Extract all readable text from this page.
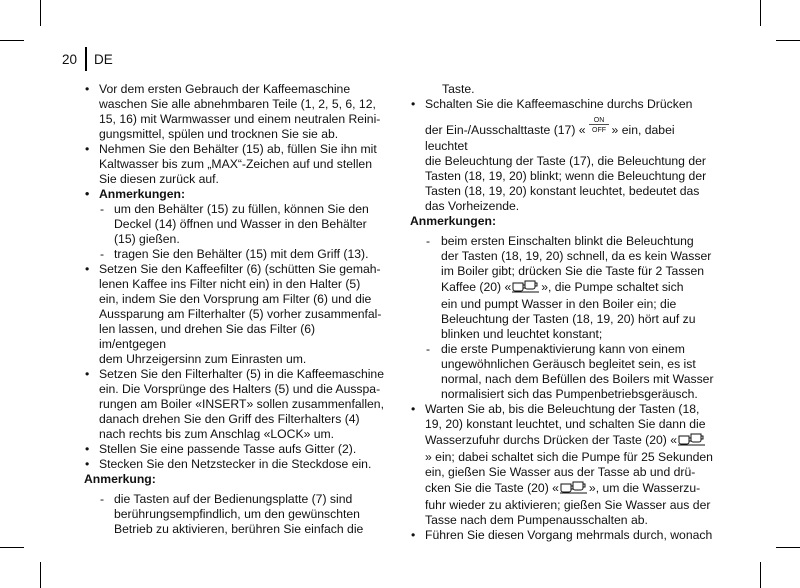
20 DE
• Vor dem ersten Gebrauch der Kaffeemaschine
waschen Sie alle abnehmbaren Teile (1, 2, 5, 6, 12,
15, 16) mit Warmwasser und einem neutralen Reini-
gungsmittel, spülen und trocknen Sie sie ab.
• Nehmen Sie den Behälter (15) ab, füllen Sie ihn mit
Kaltwasser bis zum „MAX“-Zeichen auf und stellen
Sie diesen zurück auf.
• Anmerkungen:
- um den Behälter (15) zu füllen, können Sie den
Deckel (14) öffnen und Wasser in den Behälter
(15) gießen.
- tragen Sie den Behälter (15) mit dem Griff (13).
• Setzen Sie den Kaffeefilter (6) (schütten Sie gemah-
lenen Kaffee ins Filter nicht ein) in den Halter (5)
ein, indem Sie den Vorsprung am Filter (6) und die
Aussparung am Filterhalter (5) vorher zusammenfal-
len lassen, und drehen Sie das Filter (6) im/entgegen
dem Uhrzeigersinn zum Einrasten um.
• Setzen Sie den Filterhalter (5) in die Kaffeemaschine
ein. Die Vorsprünge des Halters (5) und die Ausspa-
rungen am Boiler «INSERT» sollen zusammenfallen,
danach drehen Sie den Griff des Filterhalters (4)
nach rechts bis zum Anschlag «LOCK» um.
• Stellen Sie eine passende Tasse aufs Gitter (2).
• Stecken Sie den Netzstecker in die Steckdose ein.
Anmerkung:
- die Tasten auf der Bedienungsplatte (7) sind
berührungsempfindlich, um den gewünschten
Betrieb zu aktivieren, berühren Sie einfach die
Taste.
• Schalten Sie die Kaffeemaschine durchs Drücken
der Ein-/Ausschalttaste (17) «
ON
OFF » ein, dabei leuchtet
die Beleuchtung der Taste (17), die Beleuchtung der
Tasten (18, 19, 20) blinkt; wenn die Beleuchtung der
Tasten (18, 19, 20) konstant leuchtet, bedeutet das
das Vorheizende.
Anmerkungen:
- beim ersten Einschalten blinkt die Beleuchtung
der Tasten (18, 19, 20) schnell, da es kein Wasser
im Boiler gibt; drücken Sie die Taste für 2 Tassen
Kaffee (20) « », die Pumpe schaltet sich
ein und pumpt Wasser in den Boiler ein; die
Beleuchtung der Tasten (18, 19, 20) hört auf zu
blinken und leuchtet konstant;
- die erste Pumpenaktivierung kann von einem
ungewöhnlichen Geräusch begleitet sein, es ist
normal, nach dem Befüllen des Boilers mit Wasser
normalisiert sich das Pumpenbetriebsgeräusch.
• Warten Sie ab, bis die Beleuchtung der Tasten (18,
19, 20) konstant leuchtet, und schalten Sie dann die
Wasserzufuhr durchs Drücken der Taste (20) «
» ein; dabei schaltet sich die Pumpe für 25 Sekunden
ein, gießen Sie Wasser aus der Tasse ab und drü-
cken Sie die Taste (20) « », um die Wasserzu-
fuhr wieder zu aktivieren; gießen Sie Wasser aus der
Tasse nach dem Pumpenausschalten ab.
• Führen Sie diesen Vorgang mehrmals durch, wonach
